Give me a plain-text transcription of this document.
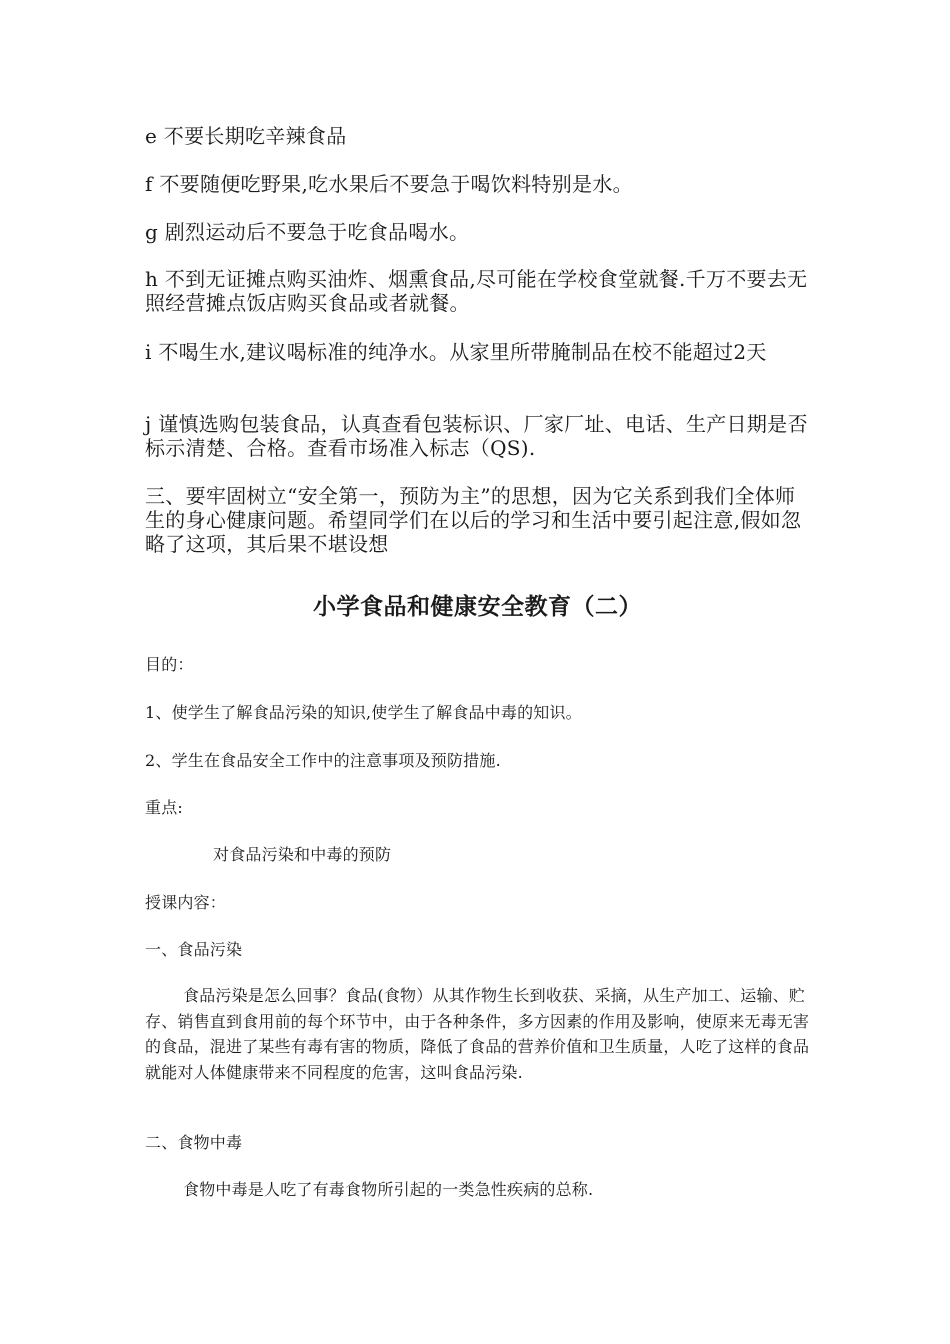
e 不要长期吃辛辣食品

f 不要随便吃野果,吃水果后不要急于喝饮料特别是水。

g 剧烈运动后不要急于吃食品喝水。

h 不到无证摊点购买油炸、烟熏食品,尽可能在学校食堂就餐.千万不要去无照经营摊点饭店购买食品或者就餐。

i 不喝生水,建议喝标准的纯净水。从家里所带腌制品在校不能超过2天

j 谨慎选购包装食品，认真查看包装标识、厂家厂址、电话、生产日期是否标示清楚、合格。查看市场准入标志（QS).

三、要牢固树立“安全第一，预防为主”的思想，因为它关系到我们全体师生的身心健康问题。希望同学们在以后的学习和生活中要引起注意,假如忽略了这项，其后果不堪设想

小学食品和健康安全教育（二）

目的：

1、使学生了解食品污染的知识,使学生了解食品中毒的知识。

2、学生在食品安全工作中的注意事项及预防措施.

重点:

对食品污染和中毒的预防

授课内容：

一、食品污染

食品污染是怎么回事？食品(食物）从其作物生长到收获、采摘，从生产加工、运输、贮存、销售直到食用前的每个环节中，由于各种条件，多方因素的作用及影响，使原来无毒无害的食品，混进了某些有毒有害的物质，降低了食品的营养价值和卫生质量，人吃了这样的食品就能对人体健康带来不同程度的危害，这叫食品污染.

二、食物中毒

食物中毒是人吃了有毒食物所引起的一类急性疾病的总称.
